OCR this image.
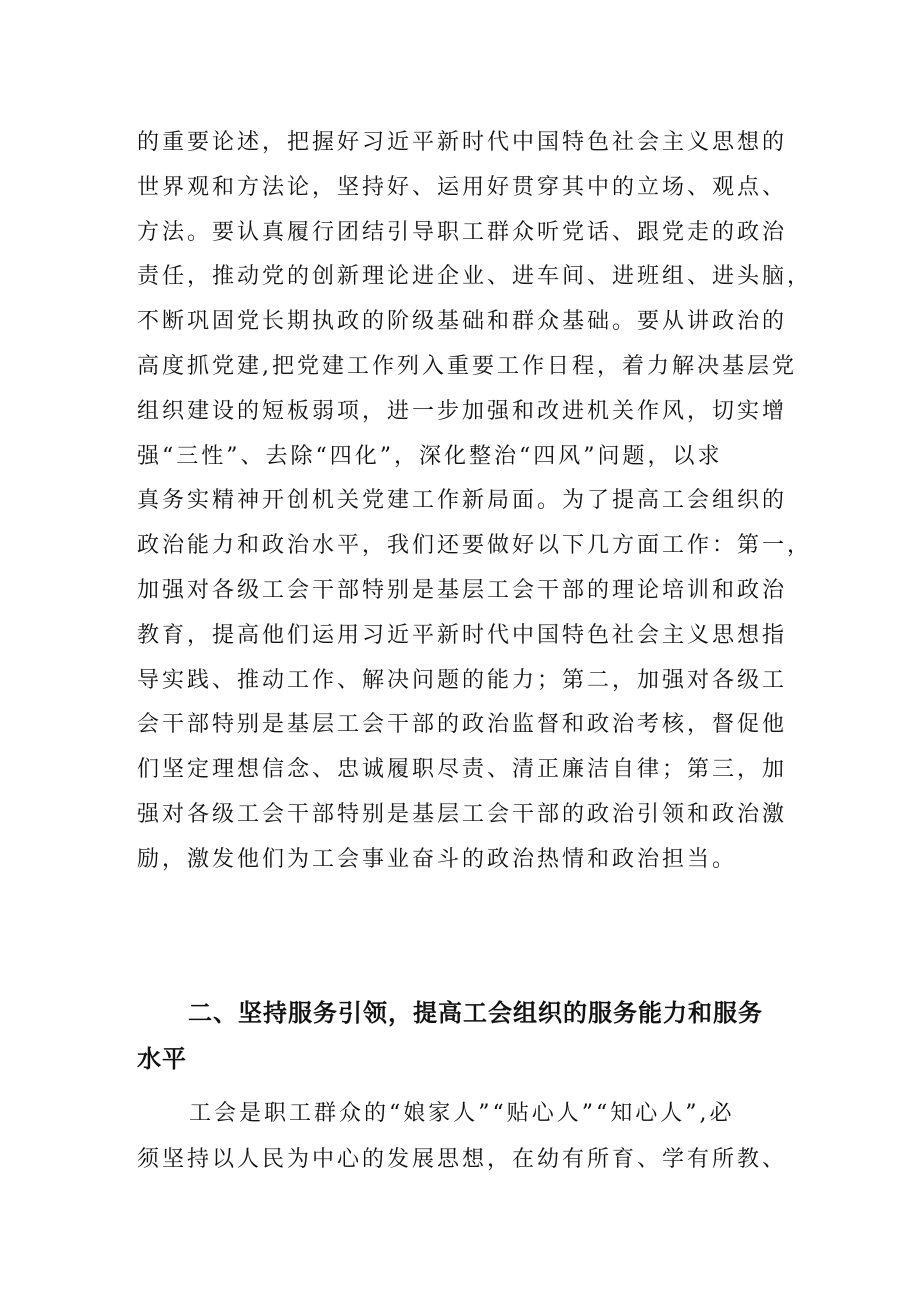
的重要论述，把握好习近平新时代中国特色社会主义思想的
世界观和方法论，坚持好、运用好贯穿其中的立场、观点、
方法。要认真履行团结引导职工群众听党话、跟党走的政治
责任，推动党的创新理论进企业、进车间、进班组、进头脑，
不断巩固党长期执政的阶级基础和群众基础。要从讲政治的
高度抓党建,把党建工作列入重要工作日程，着力解决基层党
组织建设的短板弱项，进一步加强和改进机关作风，切实增
强“三性”、去除“四化”，深化整治“四风”问题，以求
真务实精神开创机关党建工作新局面。为了提高工会组织的
政治能力和政治水平，我们还要做好以下几方面工作：第一，
加强对各级工会干部特别是基层工会干部的理论培训和政治
教育，提高他们运用习近平新时代中国特色社会主义思想指
导实践、推动工作、解决问题的能力；第二，加强对各级工
会干部特别是基层工会干部的政治监督和政治考核，督促他
们坚定理想信念、忠诚履职尽责、清正廉洁自律；第三，加
强对各级工会干部特别是基层工会干部的政治引领和政治激
励，激发他们为工会事业奋斗的政治热情和政治担当。
二、坚持服务引领，提高工会组织的服务能力和服务
水平
工会是职工群众的“娘家人”“贴心人”“知心人”,必
须坚持以人民为中心的发展思想，在幼有所育、学有所教、
